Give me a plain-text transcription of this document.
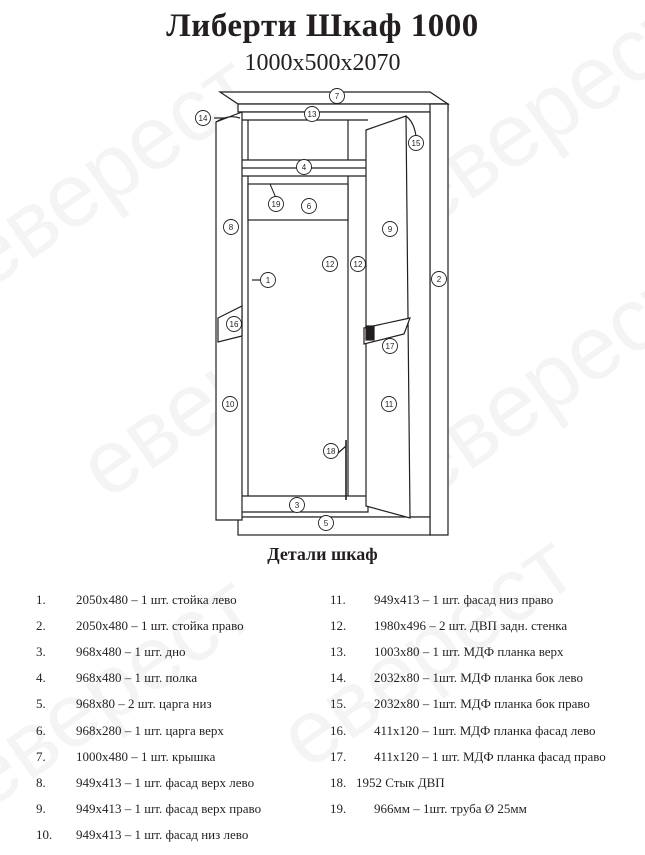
Либерти Шкаф 1000
1000x500x2070
7
13
14
15
4
19	6
8	9
1
12 12
2
16
17
10	11
18
3
5
Детали шкаф
1. 2050x480 – 1 шт. стойка лево
2. 2050x480 – 1 шт. стойка право
3. 968x480 – 1 шт. дно
4. 968x480 – 1 шт. полка
5. 968x80 – 2 шт. царга низ
6. 968x280 – 1 шт. царга верх
7. 1000x480 – 1 шт. крышка
8. 949x413 – 1 шт. фасад верх лево
9. 949x413 – 1 шт. фасад верх право
10. 949x413 – 1 шт. фасад низ лево
11. 949x413 – 1 шт. фасад низ право
12. 1980x496 – 2 шт. ДВП задн. стенка
13. 1003x80 – 1 шт. МДФ планка верх
14. 2032x80 – 1шт. МДФ планка бок лево
15. 2032x80 – 1шт. МДФ планка бок право
16. 411x120 – 1шт. МДФ планка фасад лево
17. 411x120 – 1 шт. МДФ планка фасад право
18. 1952 Стык ДВП
19. 966мм – 1шт. труба Ø 25мм
